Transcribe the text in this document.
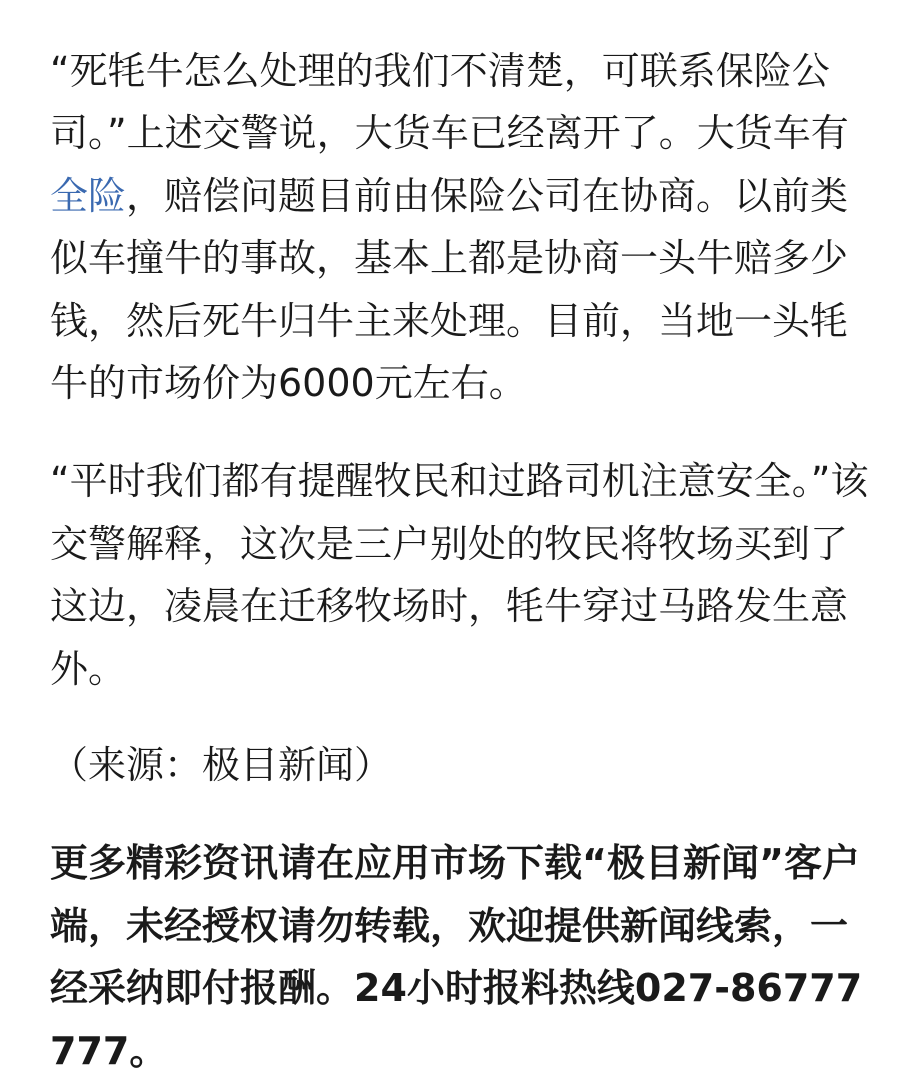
“死牦牛怎么处理的我们不清楚，可联系保险公司。”上述交警说，大货车已经离开了。大货车有全险，赔偿问题目前由保险公司在协商。以前类似车撞牛的事故，基本上都是协商一头牛赔多少钱，然后死牛归牛主来处理。目前，当地一头牦牛的市场价为6000元左右。

“平时我们都有提醒牧民和过路司机注意安全。”该交警解释，这次是三户别处的牧民将牧场买到了这边，凌晨在迁移牧场时，牦牛穿过马路发生意外。

（来源：极目新闻）

更多精彩资讯请在应用市场下载“极目新闻”客户端，未经授权请勿转载，欢迎提供新闻线索，一经采纳即付报酬。24小时报料热线027-86777777。
